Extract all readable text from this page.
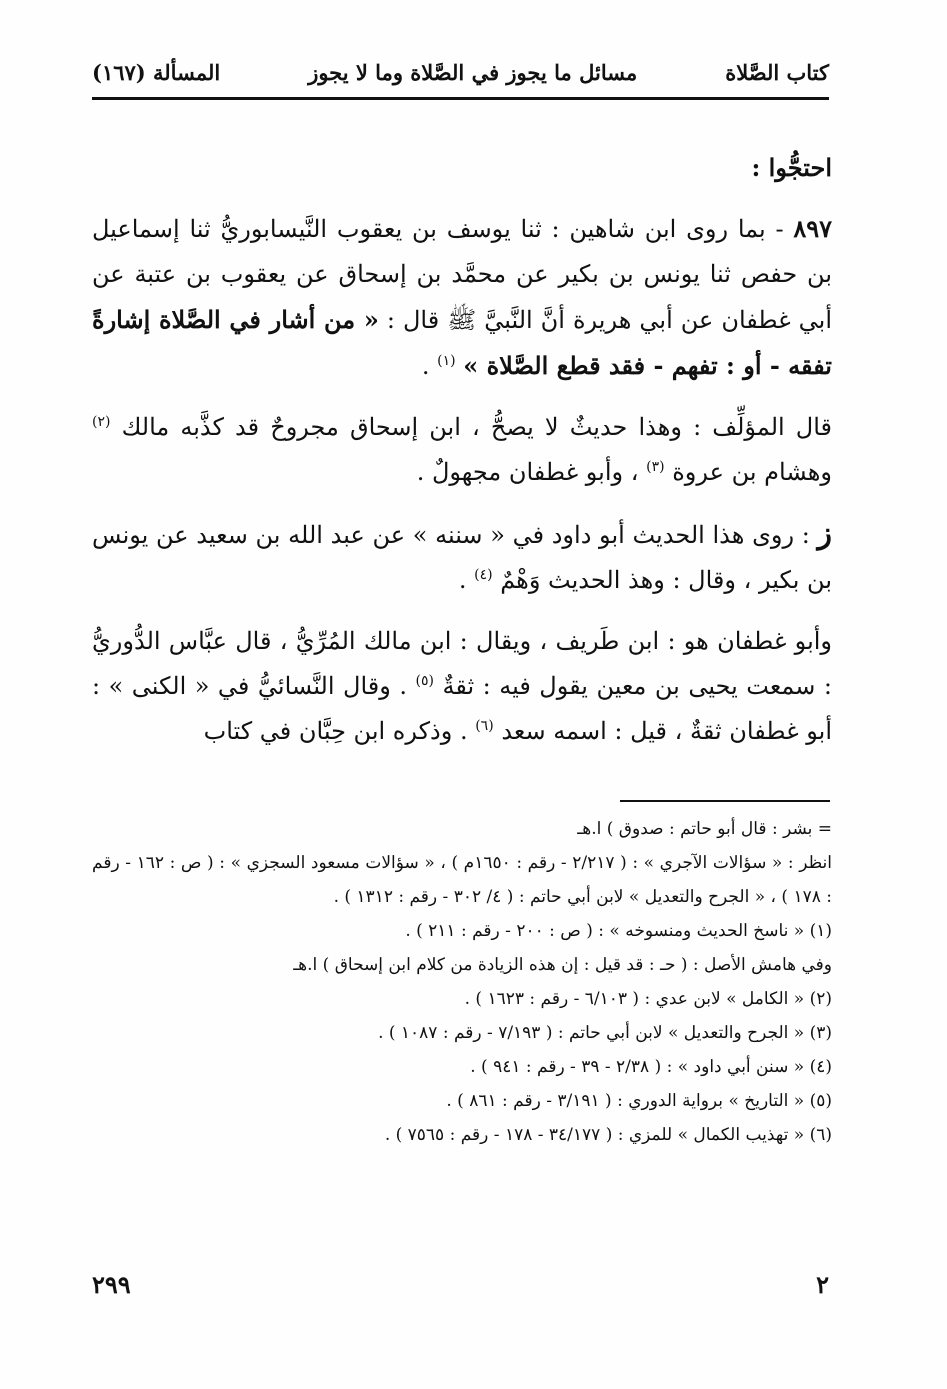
كتاب الصَّلاة
مسائل ما يجوز في الصَّلاة وما لا يجوز
المسألة (١٦٧)

احتجُّوا :

٨٩٧ - بما روى ابن شاهين : ثنا يوسف بن يعقوب النَّيسابوريُّ ثنا إسماعيل بن حفص ثنا يونس بن بكير عن محمَّد بن إسحاق عن يعقوب بن عتبة عن أبي غطفان عن أبي هريرة أنَّ النَّبيَّ ﷺ قال : « من أشار في الصَّلاة إشارةً تفقه - أو : تفهم - فقد قطع الصَّلاة » $^{(١)}$ .

قال المؤلِّف : وهذا حديثٌ لا يصحُّ ، ابن إسحاق مجروحٌ قد كذَّبه مالك $^{(٢)}$ وهشام بن عروة $^{(٣)}$ ، وأبو غطفان مجهولٌ .

ز : روى هذا الحديث أبو داود في « سننه » عن عبد الله بن سعيد عن يونس بن بكير ، وقال : وهذ الحديث وَهْمٌ $^{(٤)}$ .

وأبو غطفان هو : ابن طَريف ، ويقال : ابن مالك المُرِّيُّ ، قال عبَّاس الدُّوريُّ : سمعت يحيى بن معين يقول فيه : ثقةٌ $^{(٥)}$ . وقال النَّسائيُّ في « الكنى » : أبو غطفان ثقةٌ ، قيل : اسمه سعد $^{(٦)}$ . وذكره ابن حِبَّان في كتاب

= بشر : قال أبو حاتم : صدوق ) ا.هـ

انظر : « سؤالات الآجري » : ( ٢/٢١٧ - رقم : ١٦٥٠م ) ، « سؤالات مسعود السجزي » : ( ص : ١٦٢ - رقم : ١٧٨ ) ، « الجرح والتعديل » لابن أبي حاتم : ( ٤/ ٣٠٢ - رقم : ١٣١٢ ) .

(١) « ناسخ الحديث ومنسوخه » : ( ص : ٢٠٠ - رقم : ٢١١ ) .

وفي هامش الأصل : ( حـ : قد قيل : إن هذه الزيادة من كلام ابن إسحاق ) ا.هـ

(٢) « الكامل » لابن عدي : ( ٦/١٠٣ - رقم : ١٦٢٣ ) .

(٣) « الجرح والتعديل » لابن أبي حاتم : ( ٧/١٩٣ - رقم : ١٠٨٧ ) .

(٤) « سنن أبي داود » : ( ٢/٣٨ - ٣٩ - رقم : ٩٤١ ) .

(٥) « التاريخ » برواية الدوري : ( ٣/١٩١ - رقم : ٨٦١ ) .

(٦) « تهذيب الكمال » للمزي : ( ٣٤/١٧٧ - ١٧٨ - رقم : ٧٥٦٥ ) .

٢
٢٩٩
